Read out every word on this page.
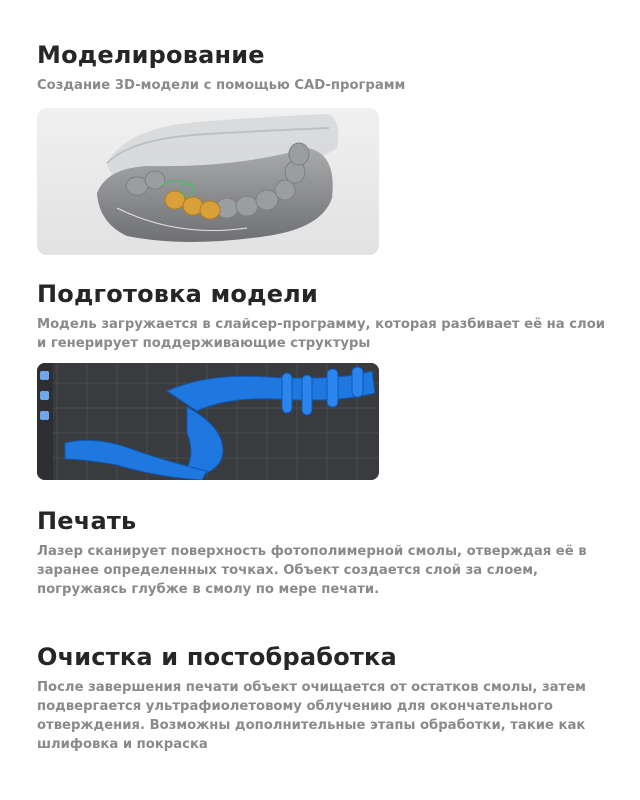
Моделирование

Создание 3D-модели с помощью CAD-программ

Подготовка модели

Модель загружается в слайсер-программу, которая разбивает её на слои и генерирует поддерживающие структуры

Печать

Лазер сканирует поверхность фотополимерной смолы, отверждая её в заранее определенных точках. Объект создается слой за слоем, погружаясь глубже в смолу по мере печати.

Очистка и постобработка

После завершения печати объект очищается от остатков смолы, затем подвергается ультрафиолетовому облучению для окончательного отверждения. Возможны дополнительные этапы обработки, такие как шлифовка и покраска
